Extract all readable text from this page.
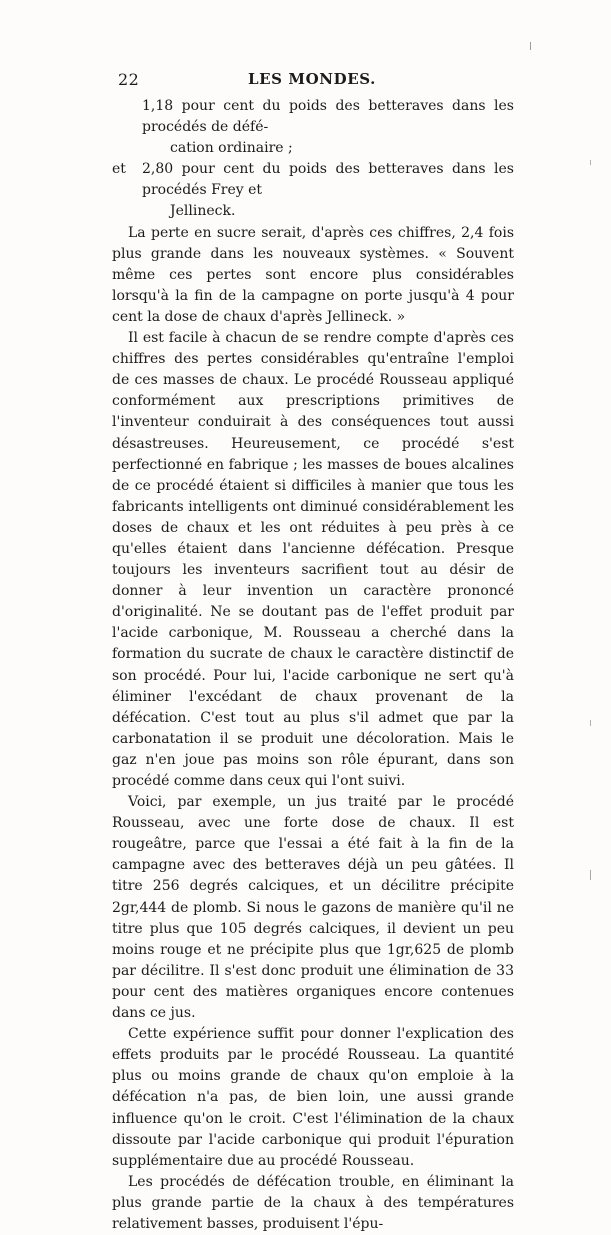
22	LES MONDES.
1,18 pour cent du poids des betteraves dans les procédés de défé-
cation ordinaire ;
et 2,80 pour cent du poids des betteraves dans les procédés Frey et
Jellineck.

La perte en sucre serait, d'après ces chiffres, 2,4 fois plus grande dans les nouveaux systèmes. « Souvent même ces pertes sont encore plus considérables lorsqu'à la fin de la campagne on porte jusqu'à 4 pour cent la dose de chaux d'après Jellineck. »

Il est facile à chacun de se rendre compte d'après ces chiffres des pertes considérables qu'entraîne l'emploi de ces masses de chaux. Le procédé Rousseau appliqué conformément aux prescriptions primitives de l'inventeur conduirait à des conséquences tout aussi désastreuses. Heureusement, ce procédé s'est perfectionné en fabrique ; les masses de boues alcalines de ce procédé étaient si difficiles à manier que tous les fabricants intelligents ont diminué considérablement les doses de chaux et les ont réduites à peu près à ce qu'elles étaient dans l'ancienne défécation. Presque toujours les inventeurs sacrifient tout au désir de donner à leur invention un caractère prononcé d'originalité. Ne se doutant pas de l'effet produit par l'acide carbonique, M. Rousseau a cherché dans la formation du sucrate de chaux le caractère distinctif de son procédé. Pour lui, l'acide carbonique ne sert qu'à éliminer l'excédant de chaux provenant de la défécation. C'est tout au plus s'il admet que par la carbonatation il se produit une décoloration. Mais le gaz n'en joue pas moins son rôle épurant, dans son procédé comme dans ceux qui l'ont suivi.

Voici, par exemple, un jus traité par le procédé Rousseau, avec une forte dose de chaux. Il est rougeâtre, parce que l'essai a été fait à la fin de la campagne avec des betteraves déjà un peu gâtées. Il titre 256 degrés calciques, et un décilitre précipite 2gr,444 de plomb. Si nous le gazons de manière qu'il ne titre plus que 105 degrés calciques, il devient un peu moins rouge et ne précipite plus que 1gr,625 de plomb par décilitre. Il s'est donc produit une élimination de 33 pour cent des matières organiques encore contenues dans ce jus.

Cette expérience suffit pour donner l'explication des effets produits par le procédé Rousseau. La quantité plus ou moins grande de chaux qu'on emploie à la défécation n'a pas, de bien loin, une aussi grande influence qu'on le croit. C'est l'élimination de la chaux dissoute par l'acide carbonique qui produit l'épuration supplémentaire due au procédé Rousseau.

Les procédés de défécation trouble, en éliminant la plus grande partie de la chaux à des températures relativement basses, produisent l'épu-
